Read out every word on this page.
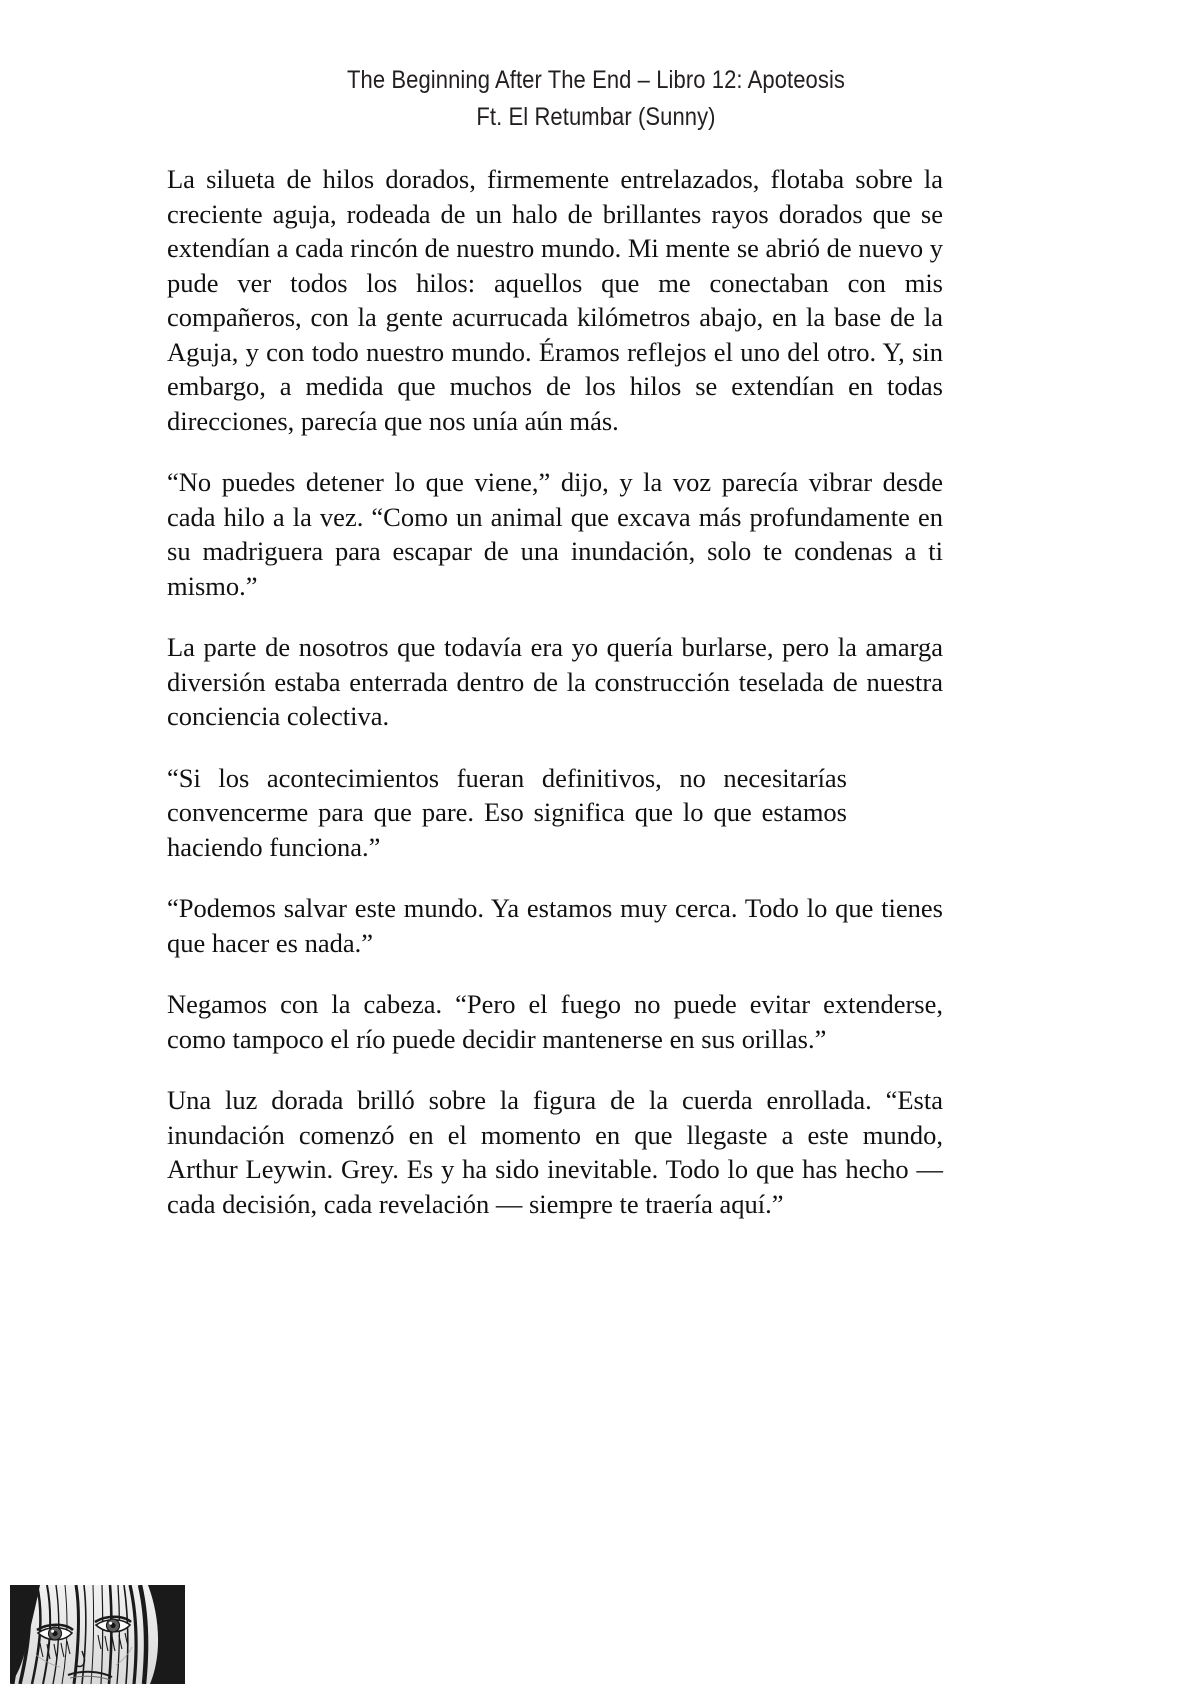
The Beginning After The End – Libro 12: Apoteosis
Ft. El Retumbar (Sunny)

La silueta de hilos dorados, firmemente entrelazados, flotaba sobre la creciente aguja, rodeada de un halo de brillantes rayos dorados que se extendían a cada rincón de nuestro mundo. Mi mente se abrió de nuevo y pude ver todos los hilos: aquellos que me conectaban con mis compañeros, con la gente acurrucada kilómetros abajo, en la base de la Aguja, y con todo nuestro mundo. Éramos reflejos el uno del otro. Y, sin embargo, a medida que muchos de los hilos se extendían en todas direcciones, parecía que nos unía aún más.

“No puedes detener lo que viene,” dijo, y la voz parecía vibrar desde cada hilo a la vez. “Como un animal que excava más profundamente en su madriguera para escapar de una inundación, solo te condenas a ti mismo.”

La parte de nosotros que todavía era yo quería burlarse, pero la amarga diversión estaba enterrada dentro de la construcción teselada de nuestra conciencia colectiva.

“Si los acontecimientos fueran definitivos, no necesitarías convencerme para que pare. Eso significa que lo que estamos haciendo funciona.”

“Podemos salvar este mundo. Ya estamos muy cerca. Todo lo que tienes que hacer es nada.”

Negamos con la cabeza. “Pero el fuego no puede evitar extenderse, como tampoco el río puede decidir mantenerse en sus orillas.”

Una luz dorada brilló sobre la figura de la cuerda enrollada. “Esta inundación comenzó en el momento en que llegaste a este mundo, Arthur Leywin. Grey. Es y ha sido inevitable. Todo lo que has hecho — cada decisión, cada revelación — siempre te traería aquí.”
